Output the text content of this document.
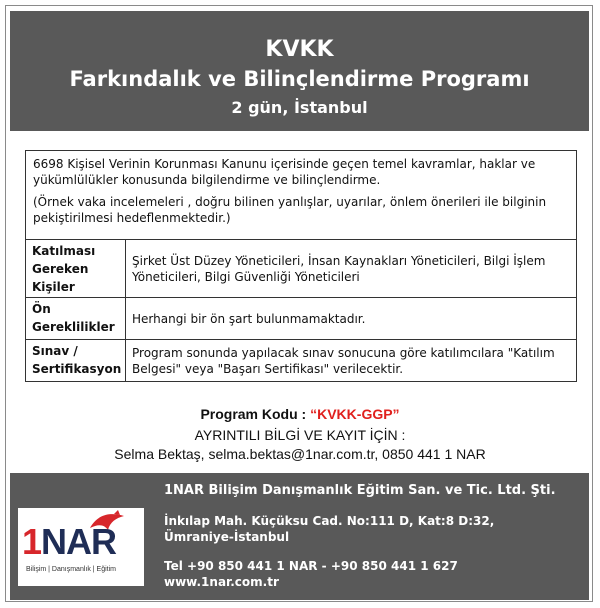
KVKK
Farkındalık ve Bilinçlendirme Programı
2 gün, İstanbul

6698 Kişisel Verinin Korunması Kanunu içerisinde geçen temel kavramlar, haklar ve yükümlülükler konusunda bilgilendirme ve bilinçlendirme.

(Örnek vaka incelemeleri , doğru bilinen yanlışlar, uyarılar, önlem önerileri ile bilginin pekiştirilmesi hedeflenmektedir.)

Katılması Gereken Kişiler
Şirket Üst Düzey Yöneticileri, İnsan Kaynakları Yöneticileri, Bilgi İşlem Yöneticileri, Bilgi Güvenliği Yöneticileri
Ön Gereklilikler
Herhangi bir ön şart bulunmamaktadır.
Sınav / Sertifikasyon
Program sonunda yapılacak sınav sonucuna göre katılımcılara "Katılım Belgesi" veya "Başarı Sertifikası" verilecektir.
Program Kodu : “KVKK-GGP”
AYRINTILI BİLGİ VE KAYIT İÇİN :
Selma Bektaş, selma.bektas@1nar.com.tr, 0850 441 1 NAR
1NAR Bilişim Danışmanlık Eğitim San. ve Tic. Ltd. Şti.
İnkılap Mah. Küçüksu Cad. No:111 D, Kat:8 D:32,
Ümraniye-İstanbul
Tel +90 850 441 1 NAR - +90 850 441 1 627
www.1nar.com.tr
1NAR
Bilişim | Danışmanlık | Eğitim
